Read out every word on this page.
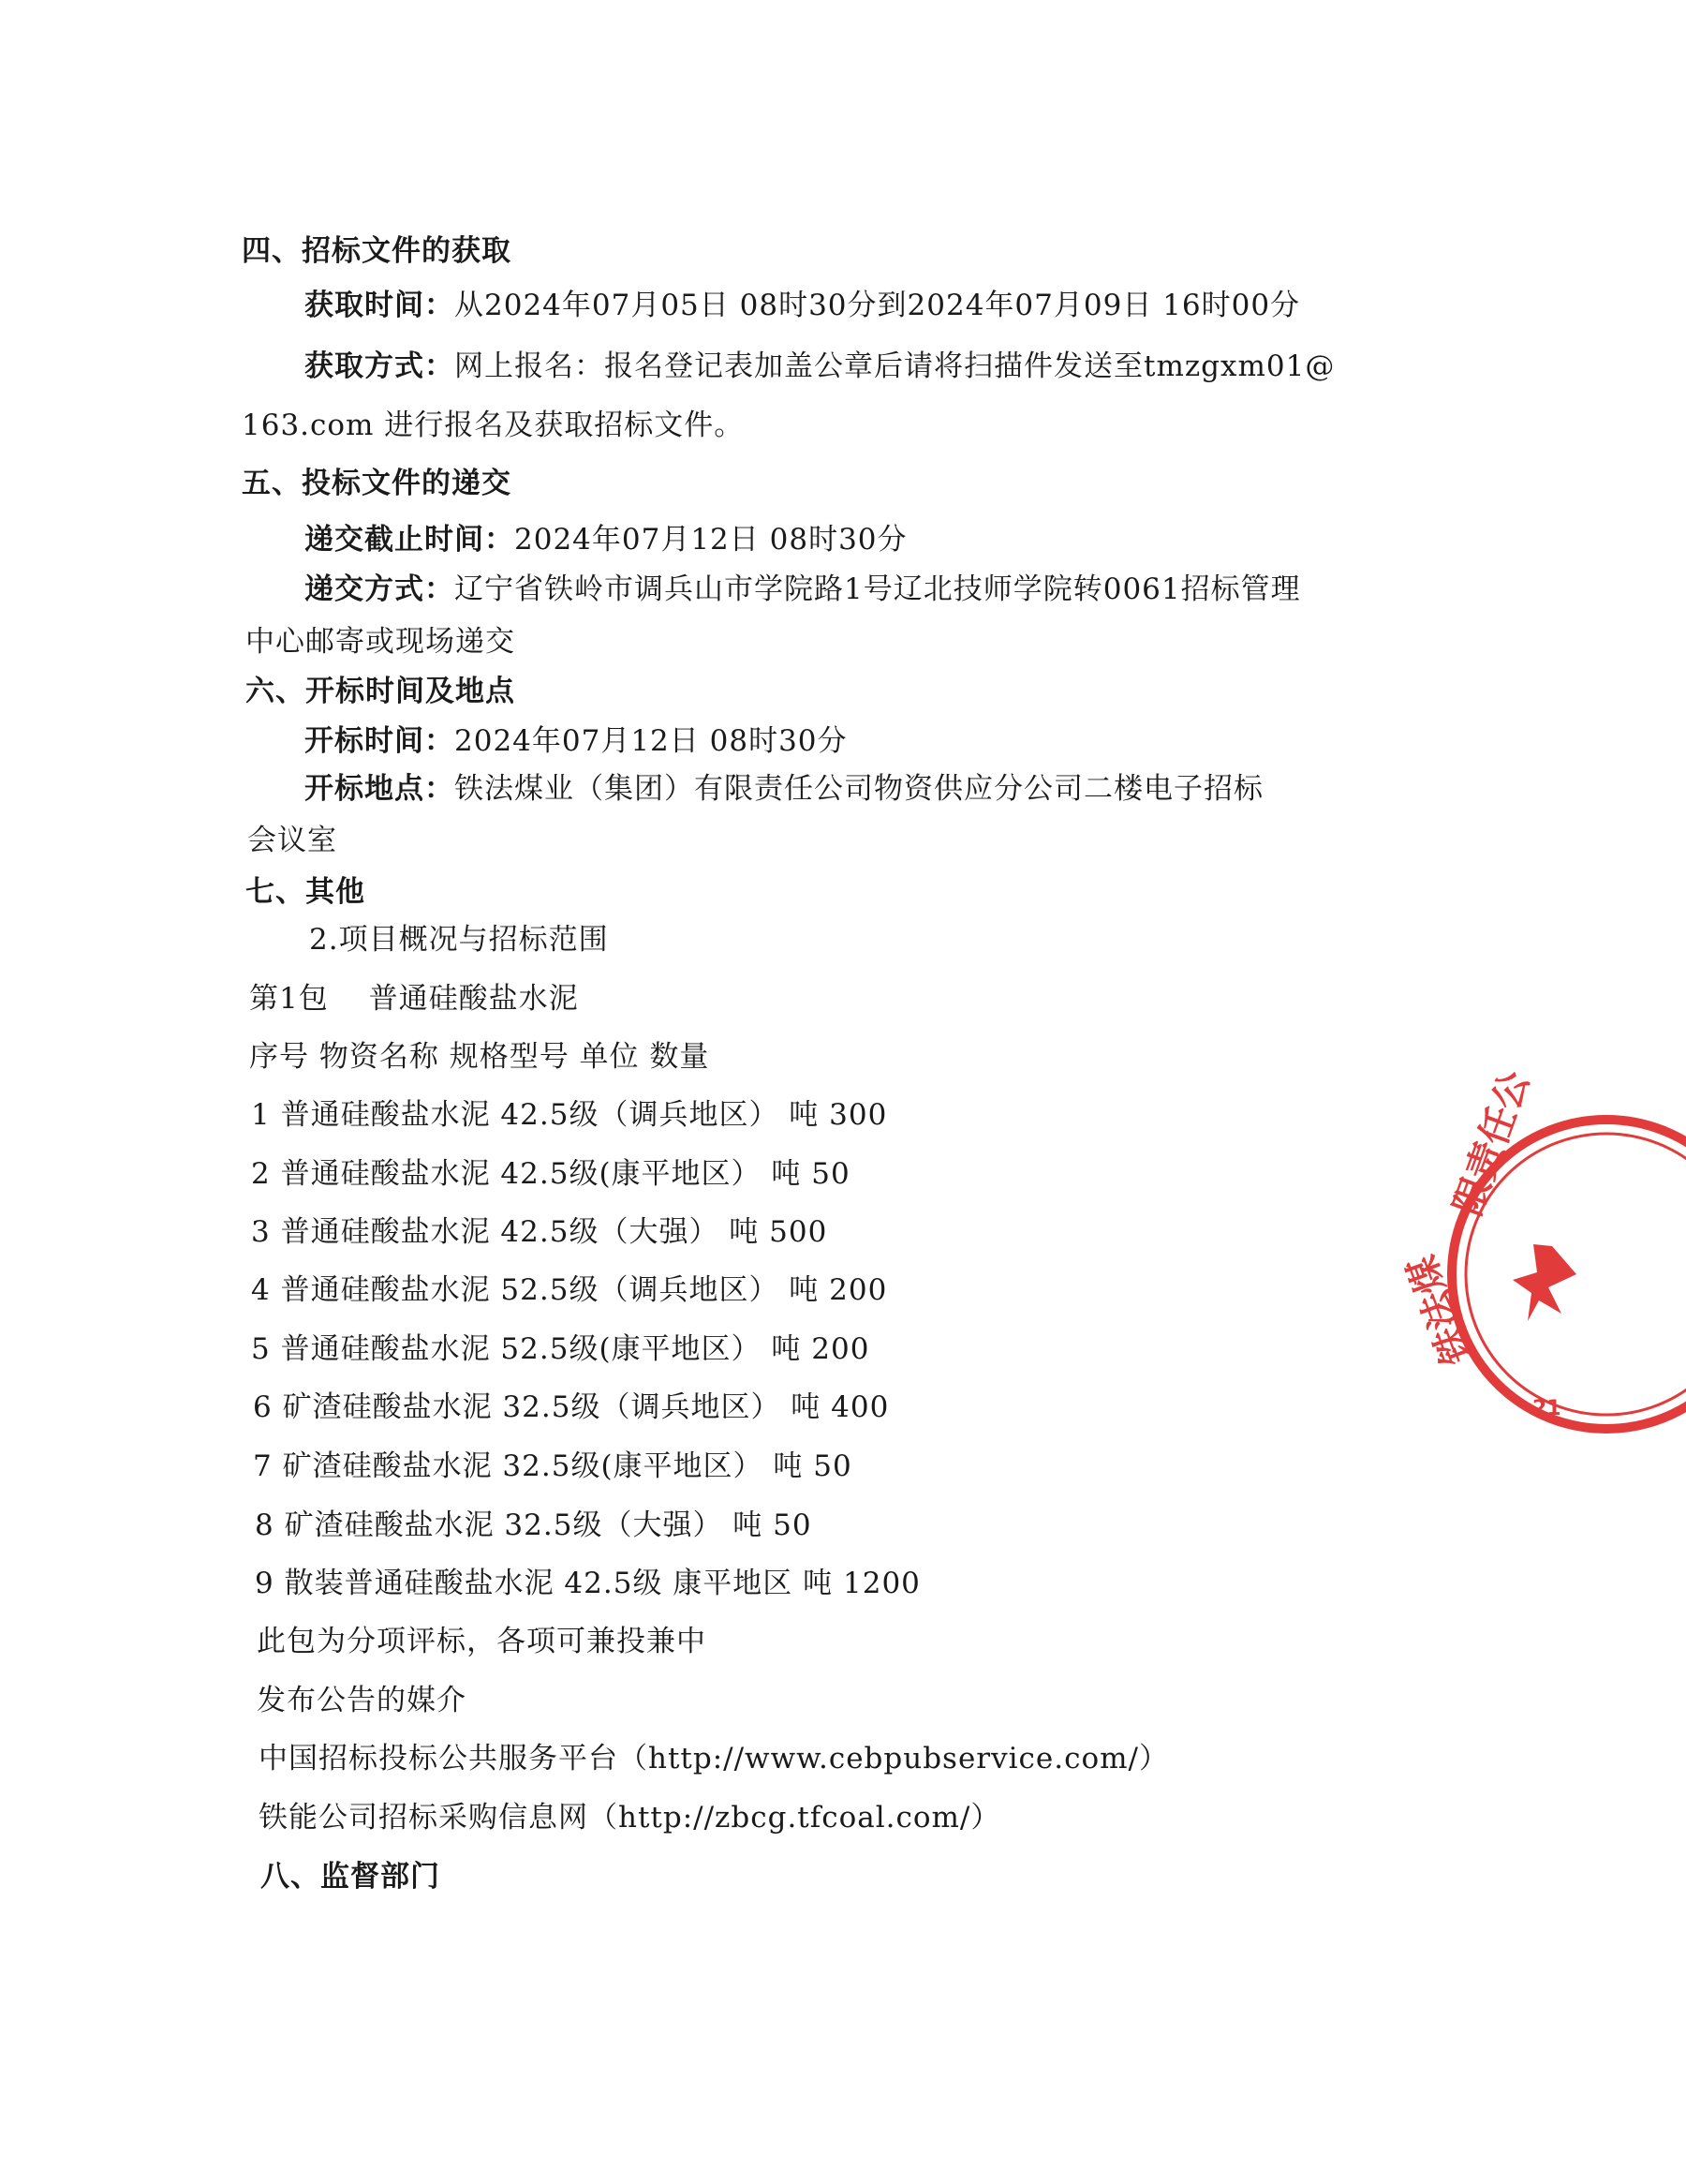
四、招标文件的获取
获取时间：从2024年07月05日 08时30分到2024年07月09日 16时00分
获取方式：网上报名：报名登记表加盖公章后请将扫描件发送至tmzgxm01@
163.com 进行报名及获取招标文件。
五、投标文件的递交
递交截止时间：2024年07月12日 08时30分
递交方式：辽宁省铁岭市调兵山市学院路1号辽北技师学院转0061招标管理
中心邮寄或现场递交
六、开标时间及地点
开标时间：2024年07月12日 08时30分
开标地点：铁法煤业（集团）有限责任公司物资供应分公司二楼电子招标
会议室
七、其他
2.项目概况与招标范围
第1包　 普通硅酸盐水泥
序号 物资名称 规格型号 单位 数量
1 普通硅酸盐水泥 42.5级（调兵地区） 吨 300
2 普通硅酸盐水泥 42.5级(康平地区） 吨 50
3 普通硅酸盐水泥 42.5级（大强） 吨 500
4 普通硅酸盐水泥 52.5级（调兵地区） 吨 200
5 普通硅酸盐水泥 52.5级(康平地区） 吨 200
6 矿渣硅酸盐水泥 32.5级（调兵地区） 吨 400
7 矿渣硅酸盐水泥 32.5级(康平地区） 吨 50
8 矿渣硅酸盐水泥 32.5级（大强） 吨 50
9 散装普通硅酸盐水泥 42.5级 康平地区 吨 1200
此包为分项评标，各项可兼投兼中
发布公告的媒介
中国招标投标公共服务平台（http://www.cebpubservice.com/）
铁能公司招标采购信息网（http://zbcg.tfcoal.com/）
八、监督部门
限责任公
铁法煤
21
